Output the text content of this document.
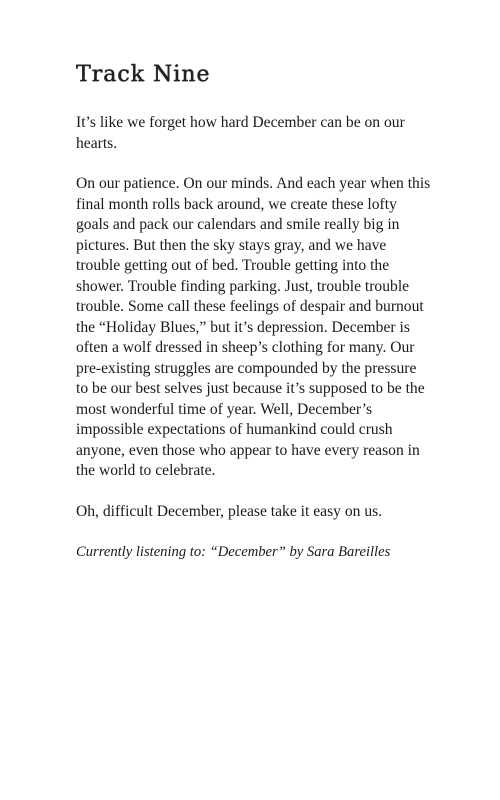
Track Nine

It’s like we forget how hard December can be on our hearts.

On our patience. On our minds. And each year when this final month rolls back around, we create these lofty goals and pack our calendars and smile really big in pictures. But then the sky stays gray, and we have trouble getting out of bed. Trouble getting into the shower. Trouble finding parking. Just, trouble trouble trouble. Some call these feelings of despair and burnout the “Holiday Blues,” but it’s depression. December is often a wolf dressed in sheep’s clothing for many. Our pre-existing struggles are compounded by the pressure to be our best selves just because it’s supposed to be the most wonderful time of year. Well, December’s impossible expectations of humankind could crush anyone, even those who appear to have every reason in the world to celebrate.

Oh, difficult December, please take it easy on us.

Currently listening to: “December” by Sara Bareilles
